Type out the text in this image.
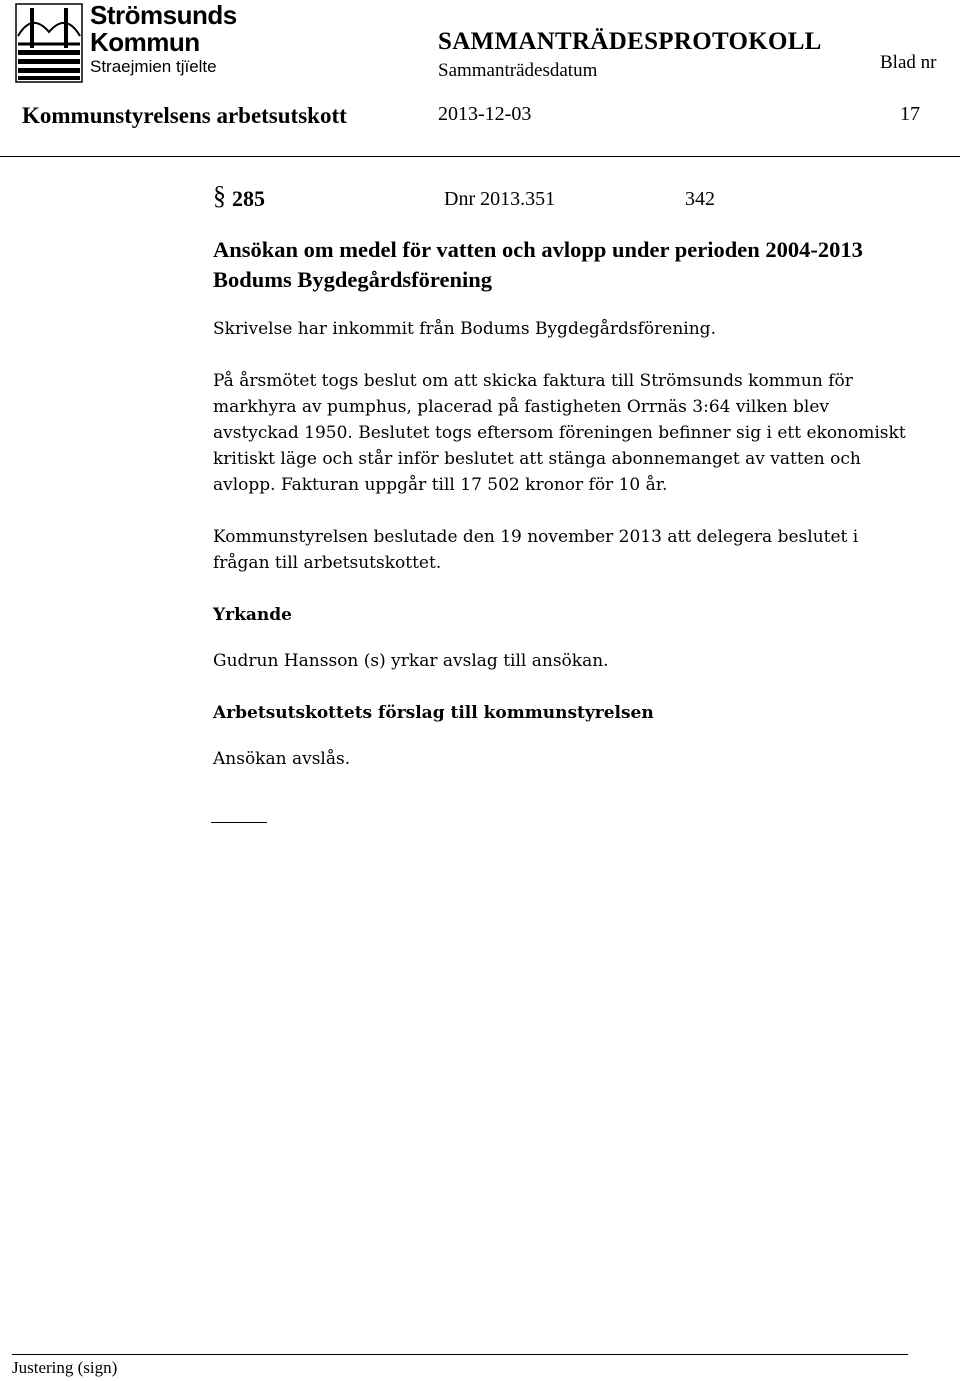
Strömsunds
Kommun
Straejmien tjïelte
SAMMANTRÄDESPROTOKOLL
Sammanträdesdatum	Blad nr
Kommunstyrelsens arbetsutskott	2013-12-03	17
§ 285	Dnr 2013.351	342
Ansökan om medel för vatten och avlopp under perioden 2004-2013 Bodums Bygdegårdsförening

Skrivelse har inkommit från Bodums Bygdegårdsförening.

På årsmötet togs beslut om att skicka faktura till Strömsunds kommun för markhyra av pumphus, placerad på fastigheten Orrnäs 3:64 vilken blev avstyckad 1950. Beslutet togs eftersom föreningen befinner sig i ett ekonomiskt kritiskt läge och står inför beslutet att stänga abonnemanget av vatten och avlopp. Fakturan uppgår till 17 502 kronor för 10 år.

Kommunstyrelsen beslutade den 19 november 2013 att delegera beslutet i frågan till arbetsutskottet.

Yrkande

Gudrun Hansson (s) yrkar avslag till ansökan.

Arbetsutskottets förslag till kommunstyrelsen

Ansökan avslås.

Justering (sign)
